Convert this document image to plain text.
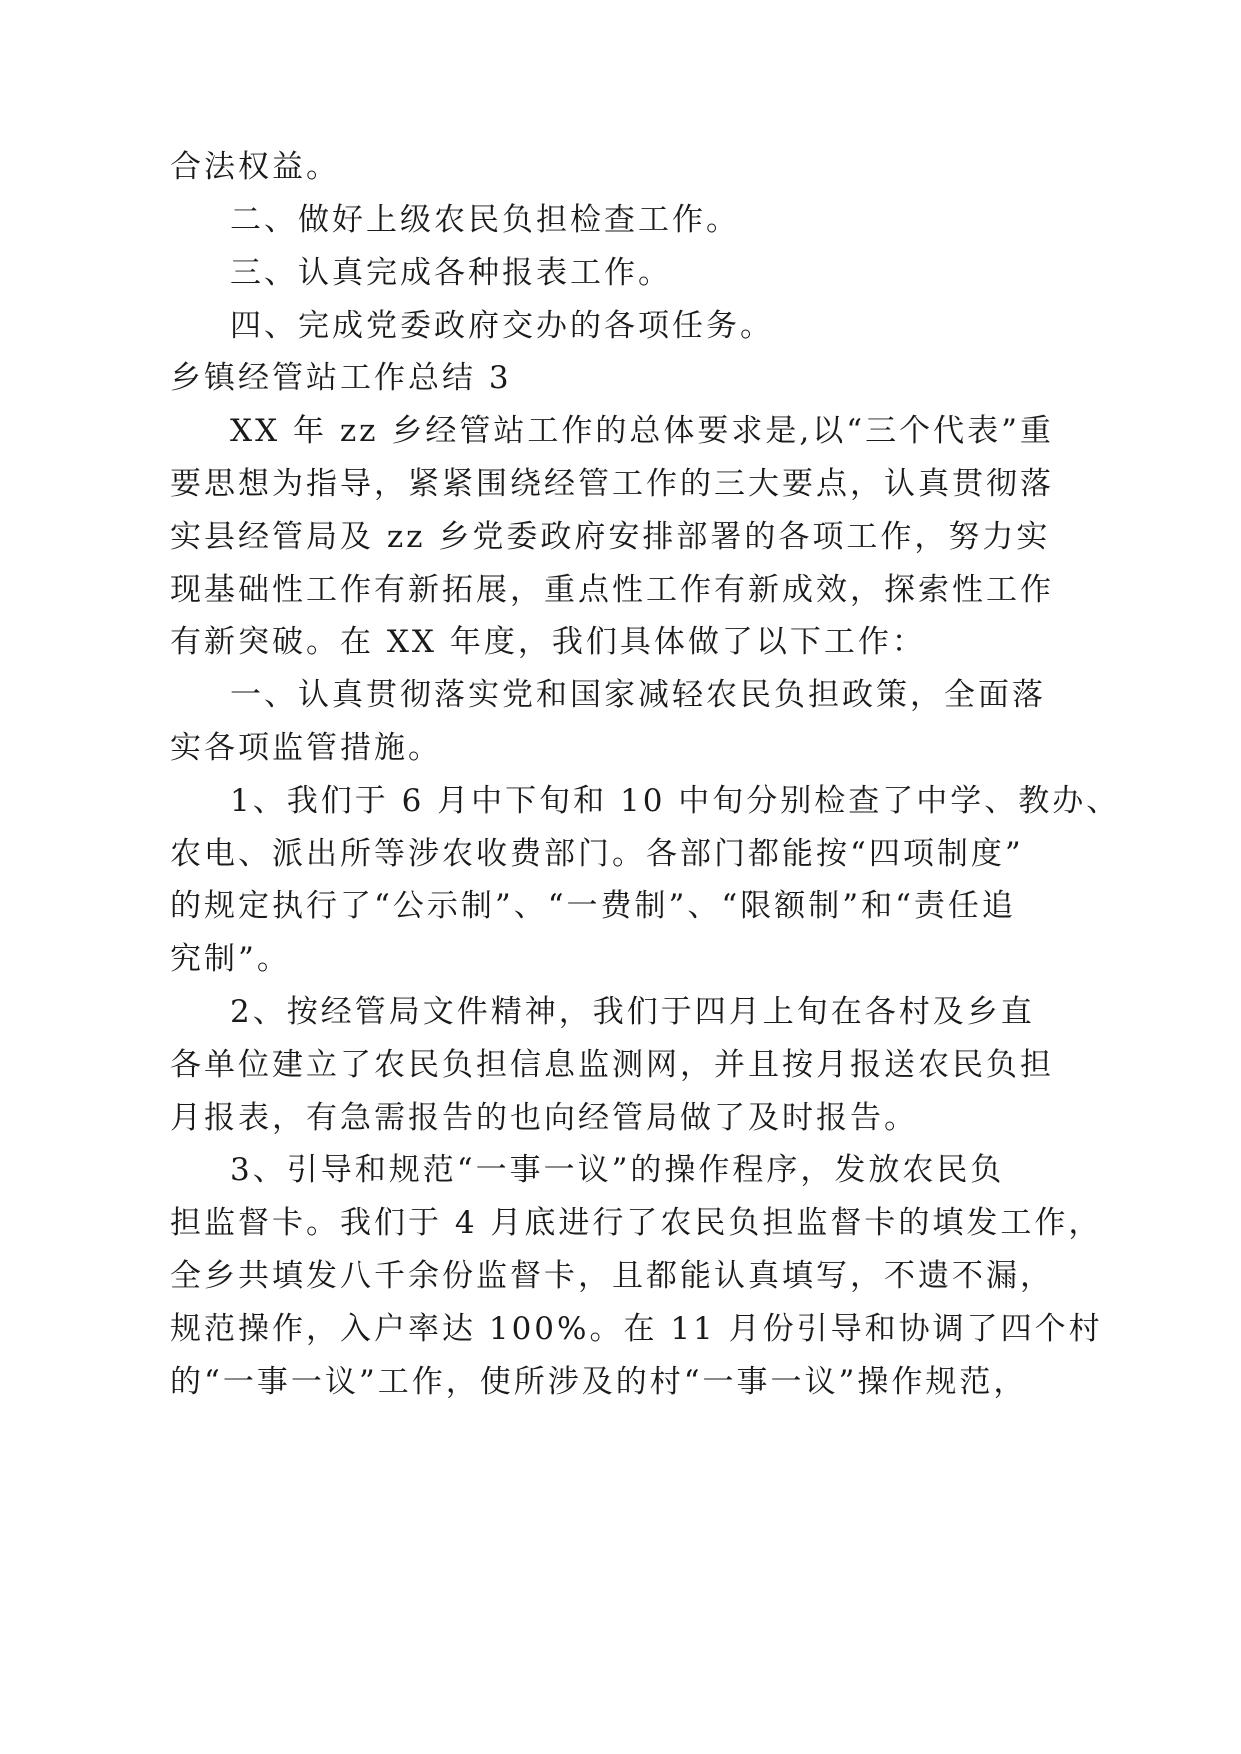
合法权益。
二、做好上级农民负担检查工作。
三、认真完成各种报表工作。
四、完成党委政府交办的各项任务。
乡镇经管站工作总结 3
XX 年 zz 乡经管站工作的总体要求是,以“三个代表”重
要思想为指导，紧紧围绕经管工作的三大要点，认真贯彻落
实县经管局及 zz 乡党委政府安排部署的各项工作，努力实
现基础性工作有新拓展，重点性工作有新成效，探索性工作
有新突破。在 XX 年度，我们具体做了以下工作：
一、认真贯彻落实党和国家减轻农民负担政策，全面落
实各项监管措施。
1、我们于 6 月中下旬和 10 中旬分别检查了中学、教办、
农电、派出所等涉农收费部门。各部门都能按“四项制度”
的规定执行了“公示制”、“一费制”、“限额制”和“责任追
究制”。
2、按经管局文件精神，我们于四月上旬在各村及乡直
各单位建立了农民负担信息监测网，并且按月报送农民负担
月报表，有急需报告的也向经管局做了及时报告。
3、引导和规范“一事一议”的操作程序，发放农民负
担监督卡。我们于 4 月底进行了农民负担监督卡的填发工作，
全乡共填发八千余份监督卡，且都能认真填写，不遗不漏，
规范操作，入户率达 100%。在 11 月份引导和协调了四个村
的“一事一议”工作，使所涉及的村“一事一议”操作规范，
